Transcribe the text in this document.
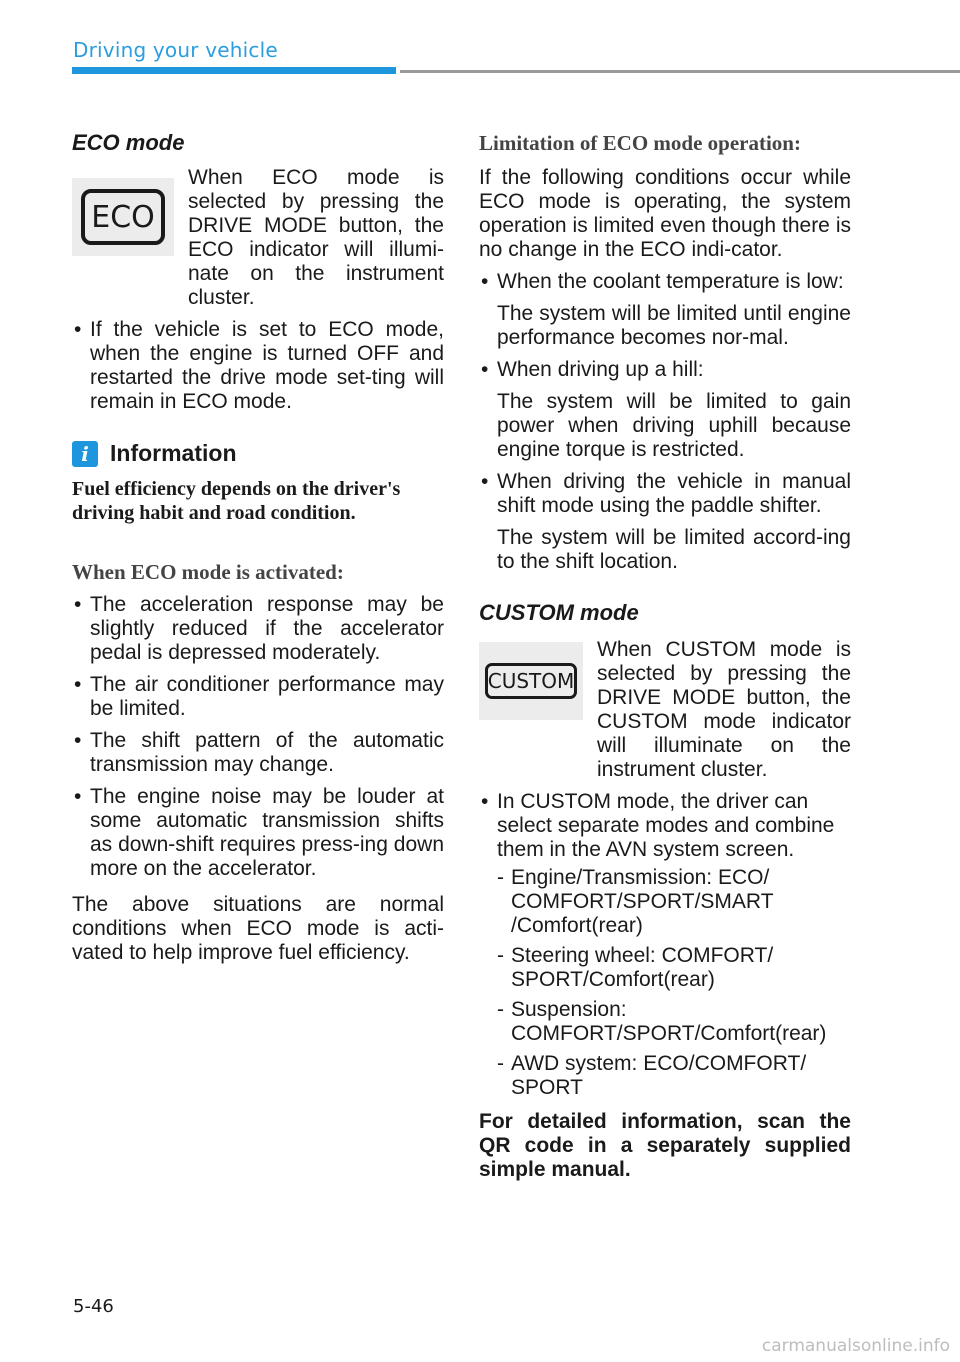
Driving your vehicle
ECO mode
ECO

When ECO mode is selected by pressing the DRIVE MODE button, the ECO indicator will illumi-nate on the instrument cluster.

• If the vehicle is set to ECO mode, when the engine is turned OFF and restarted the drive mode set-ting will remain in ECO mode.
i Information

Fuel efficiency depends on the driver's driving habit and road condition.

When ECO mode is activated:
• The acceleration response may be slightly reduced if the accelerator pedal is depressed moderately.
• The air conditioner performance may be limited.
• The shift pattern of the automatic transmission may change.
• The engine noise may be louder at some automatic transmission shifts as down-shift requires press-ing down more on the accelerator.

The above situations are normal conditions when ECO mode is acti-vated to help improve fuel efficiency.

Limitation of ECO mode operation:

If the following conditions occur while ECO mode is operating, the system operation is limited even though there is no change in the ECO indi-cator.

• When the coolant temperature is low:

The system will be limited until engine performance becomes nor-mal.

• When driving up a hill:

The system will be limited to gain power when driving uphill because engine torque is restricted.

• When driving the vehicle in manual shift mode using the paddle shifter.

The system will be limited accord-ing to the shift location.

CUSTOM mode
CUSTOM

When CUSTOM mode is selected by pressing the DRIVE MODE button, the CUSTOM mode indicator will illuminate on the instrument cluster.

• In CUSTOM mode, the driver can select separate modes and combine them in the AVN system screen.
- Engine/Transmission: ECO/ COMFORT/SPORT/SMART /Comfort(rear)
- Steering wheel: COMFORT/ SPORT/Comfort(rear)
- Suspension: COMFORT/SPORT/Comfort(rear)
- AWD system: ECO/COMFORT/ SPORT

For detailed information, scan the QR code in a separately supplied simple manual.

5-46
carmanualsonline.info
